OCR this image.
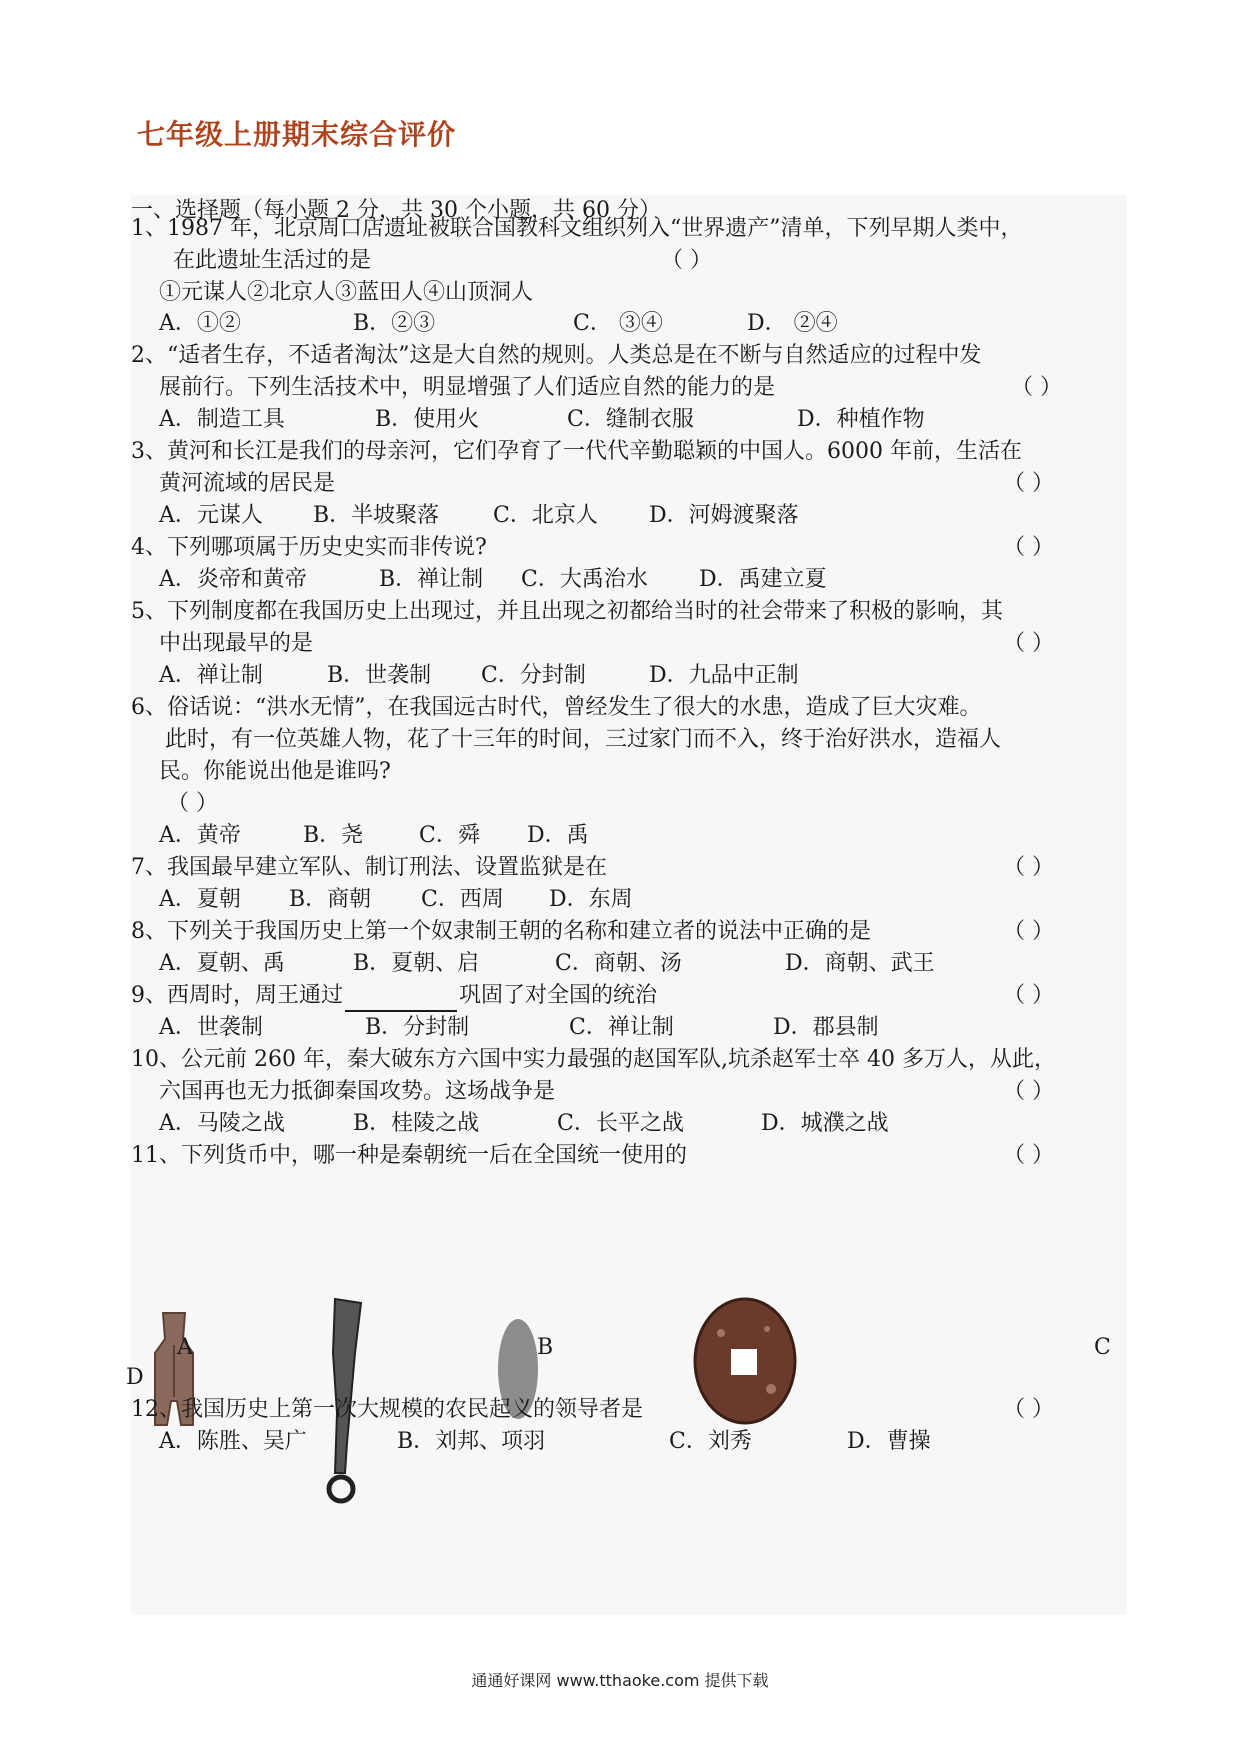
七年级上册期末综合评价
一、选择题（每小题 2 分，共 30 个小题，共 60 分）
1、1987 年，北京周口店遗址被联合国教科文组织列入“世界遗产”清单，下列早期人类中，
在此遗址生活过的是	（ ）
①元谋人②北京人③蓝田人④山顶洞人
A．①②	B．②③	C． ③④	D． ②④
2、“适者生存，不适者淘汰”这是大自然的规则。人类总是在不断与自然适应的过程中发
展前行。下列生活技术中，明显增强了人们适应自然的能力的是	（ ）
A．制造工具	B．使用火	C．缝制衣服	D．种植作物
3、黄河和长江是我们的母亲河，它们孕育了一代代辛勤聪颖的中国人。6000 年前，生活在
黄河流域的居民是	（ ）
A．元谋人 B．半坡聚落 C．北京人 D．河姆渡聚落
4、下列哪项属于历史史实而非传说?	（ ）
A．炎帝和黄帝	B．禅让制 C．大禹治水 D．禹建立夏
5、下列制度都在我国历史上出现过，并且出现之初都给当时的社会带来了积极的影响，其
中出现最早的是	（ ）
A．禅让制	B．世袭制 C．分封制	D．九品中正制
6、俗话说：“洪水无情”，在我国远古时代，曾经发生了很大的水患，造成了巨大灾难。
此时，有一位英雄人物，花了十三年的时间，三过家门而不入，终于治好洪水，造福人
民。你能说出他是谁吗?
（ ）
A．黄帝	B．尧	C．舜 D．禹
7、我国最早建立军队、制订刑法、设置监狱是在	（ ）
A．夏朝 B．商朝 C．西周 D．东周
8、下列关于我国历史上第一个奴隶制王朝的名称和建立者的说法中正确的是	（ ）
A．夏朝、禹	B．夏朝、启	C．商朝、汤	D．商朝、武王
9、西周时，周王通过	巩固了对全国的统治	（ ）
A．世袭制	B．分封制	C．禅让制	D．郡县制
10、公元前 260 年，秦大破东方六国中实力最强的赵国军队,坑杀赵军士卒 40 多万人，从此，
六国再也无力抵御秦国攻势。这场战争是	（ ）
A．马陵之战	B．桂陵之战	C．长平之战	D．城濮之战
11、下列货币中，哪一种是秦朝统一后在全国统一使用的	（ ）
A	B	C
D
12、我国历史上第一次大规模的农民起义的领导者是	（ ）
A．陈胜、吴广	B．刘邦、项羽	C．刘秀	D．曹操
通通好课网 www.tthaoke.com 提供下载
